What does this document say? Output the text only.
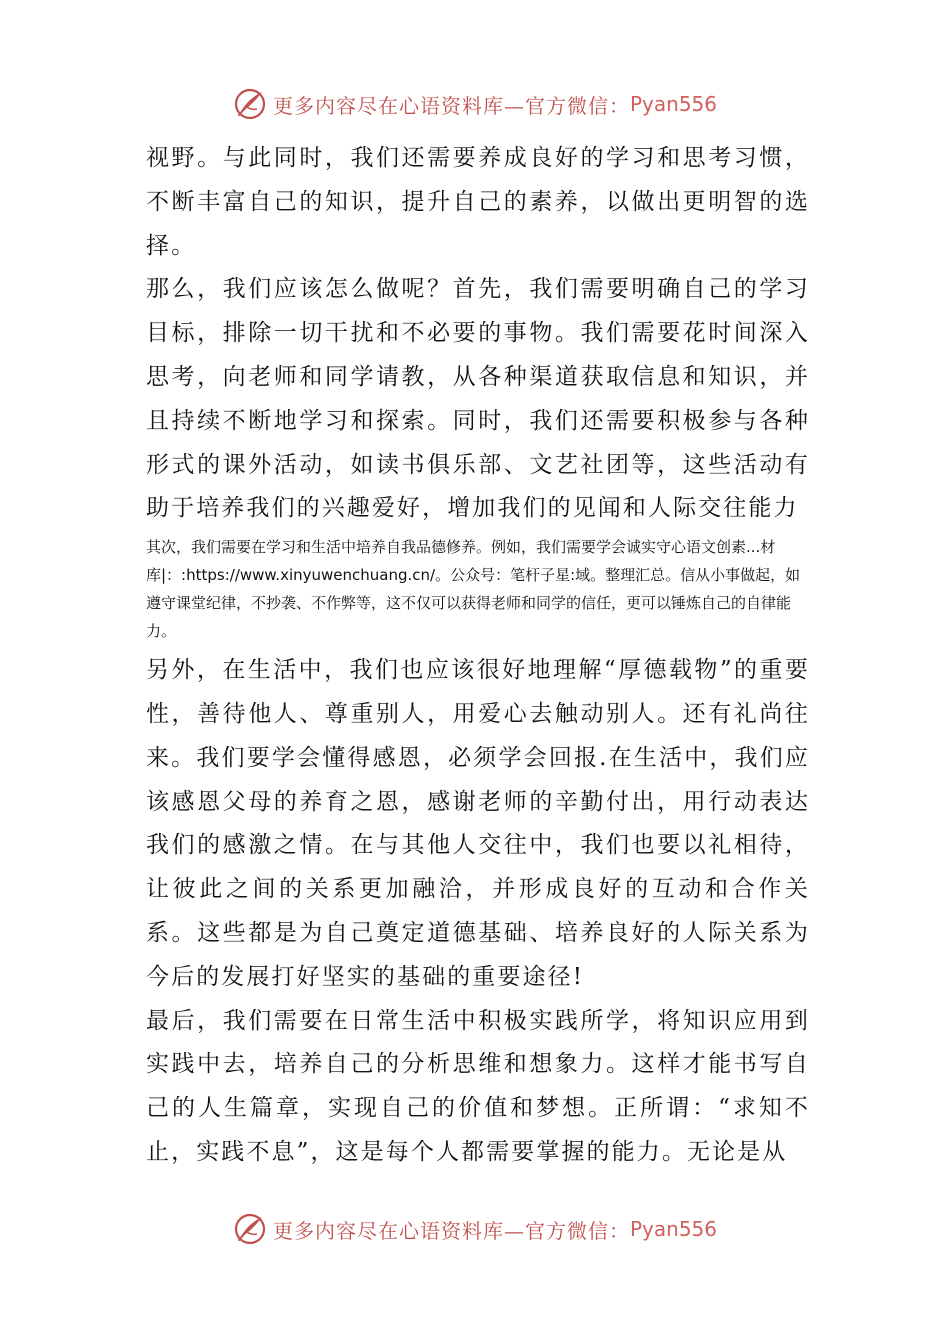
更多内容尽在心语资料库—官方微信： Pyan556

视野。与此同时，我们还需要养成良好的学习和思考习惯，不断丰富自己的知识，提升自己的素养，以做出更明智的选择。

那么，我们应该怎么做呢？首先，我们需要明确自己的学习目标，排除一切干扰和不必要的事物。我们需要花时间深入思考，向老师和同学请教，从各种渠道获取信息和知识，并且持续不断地学习和探索。同时，我们还需要积极参与各种形式的课外活动，如读书俱乐部、文艺社团等，这些活动有助于培养我们的兴趣爱好，增加我们的见闻和人际交往能力

其次，我们需要在学习和生活中培养自我品德修养。例如，我们需要学会诚实守心语文创素...材库|：:https://www.xinyuwenchuang.cn/。公众号：笔杆子星:域。整理汇总。信从小事做起，如遵守课堂纪律，不抄袭、不作弊等，这不仅可以获得老师和同学的信任，更可以锤炼自己的自律能力。

另外，在生活中，我们也应该很好地理解“厚德载物”的重要性，善待他人、尊重别人，用爱心去触动别人。还有礼尚往来。我们要学会懂得感恩，必须学会回报.在生活中，我们应该感恩父母的养育之恩，感谢老师的辛勤付出，用行动表达我们的感激之情。在与其他人交往中，我们也要以礼相待，让彼此之间的关系更加融洽，并形成良好的互动和合作关系。这些都是为自己奠定道德基础、培养良好的人际关系为今后的发展打好坚实的基础的重要途径!

最后，我们需要在日常生活中积极实践所学，将知识应用到实践中去，培养自己的分析思维和想象力。这样才能书写自己的人生篇章，实现自己的价值和梦想。正所谓：“求知不止，实践不息”，这是每个人都需要掌握的能力。无论是从

更多内容尽在心语资料库—官方微信： Pyan556
